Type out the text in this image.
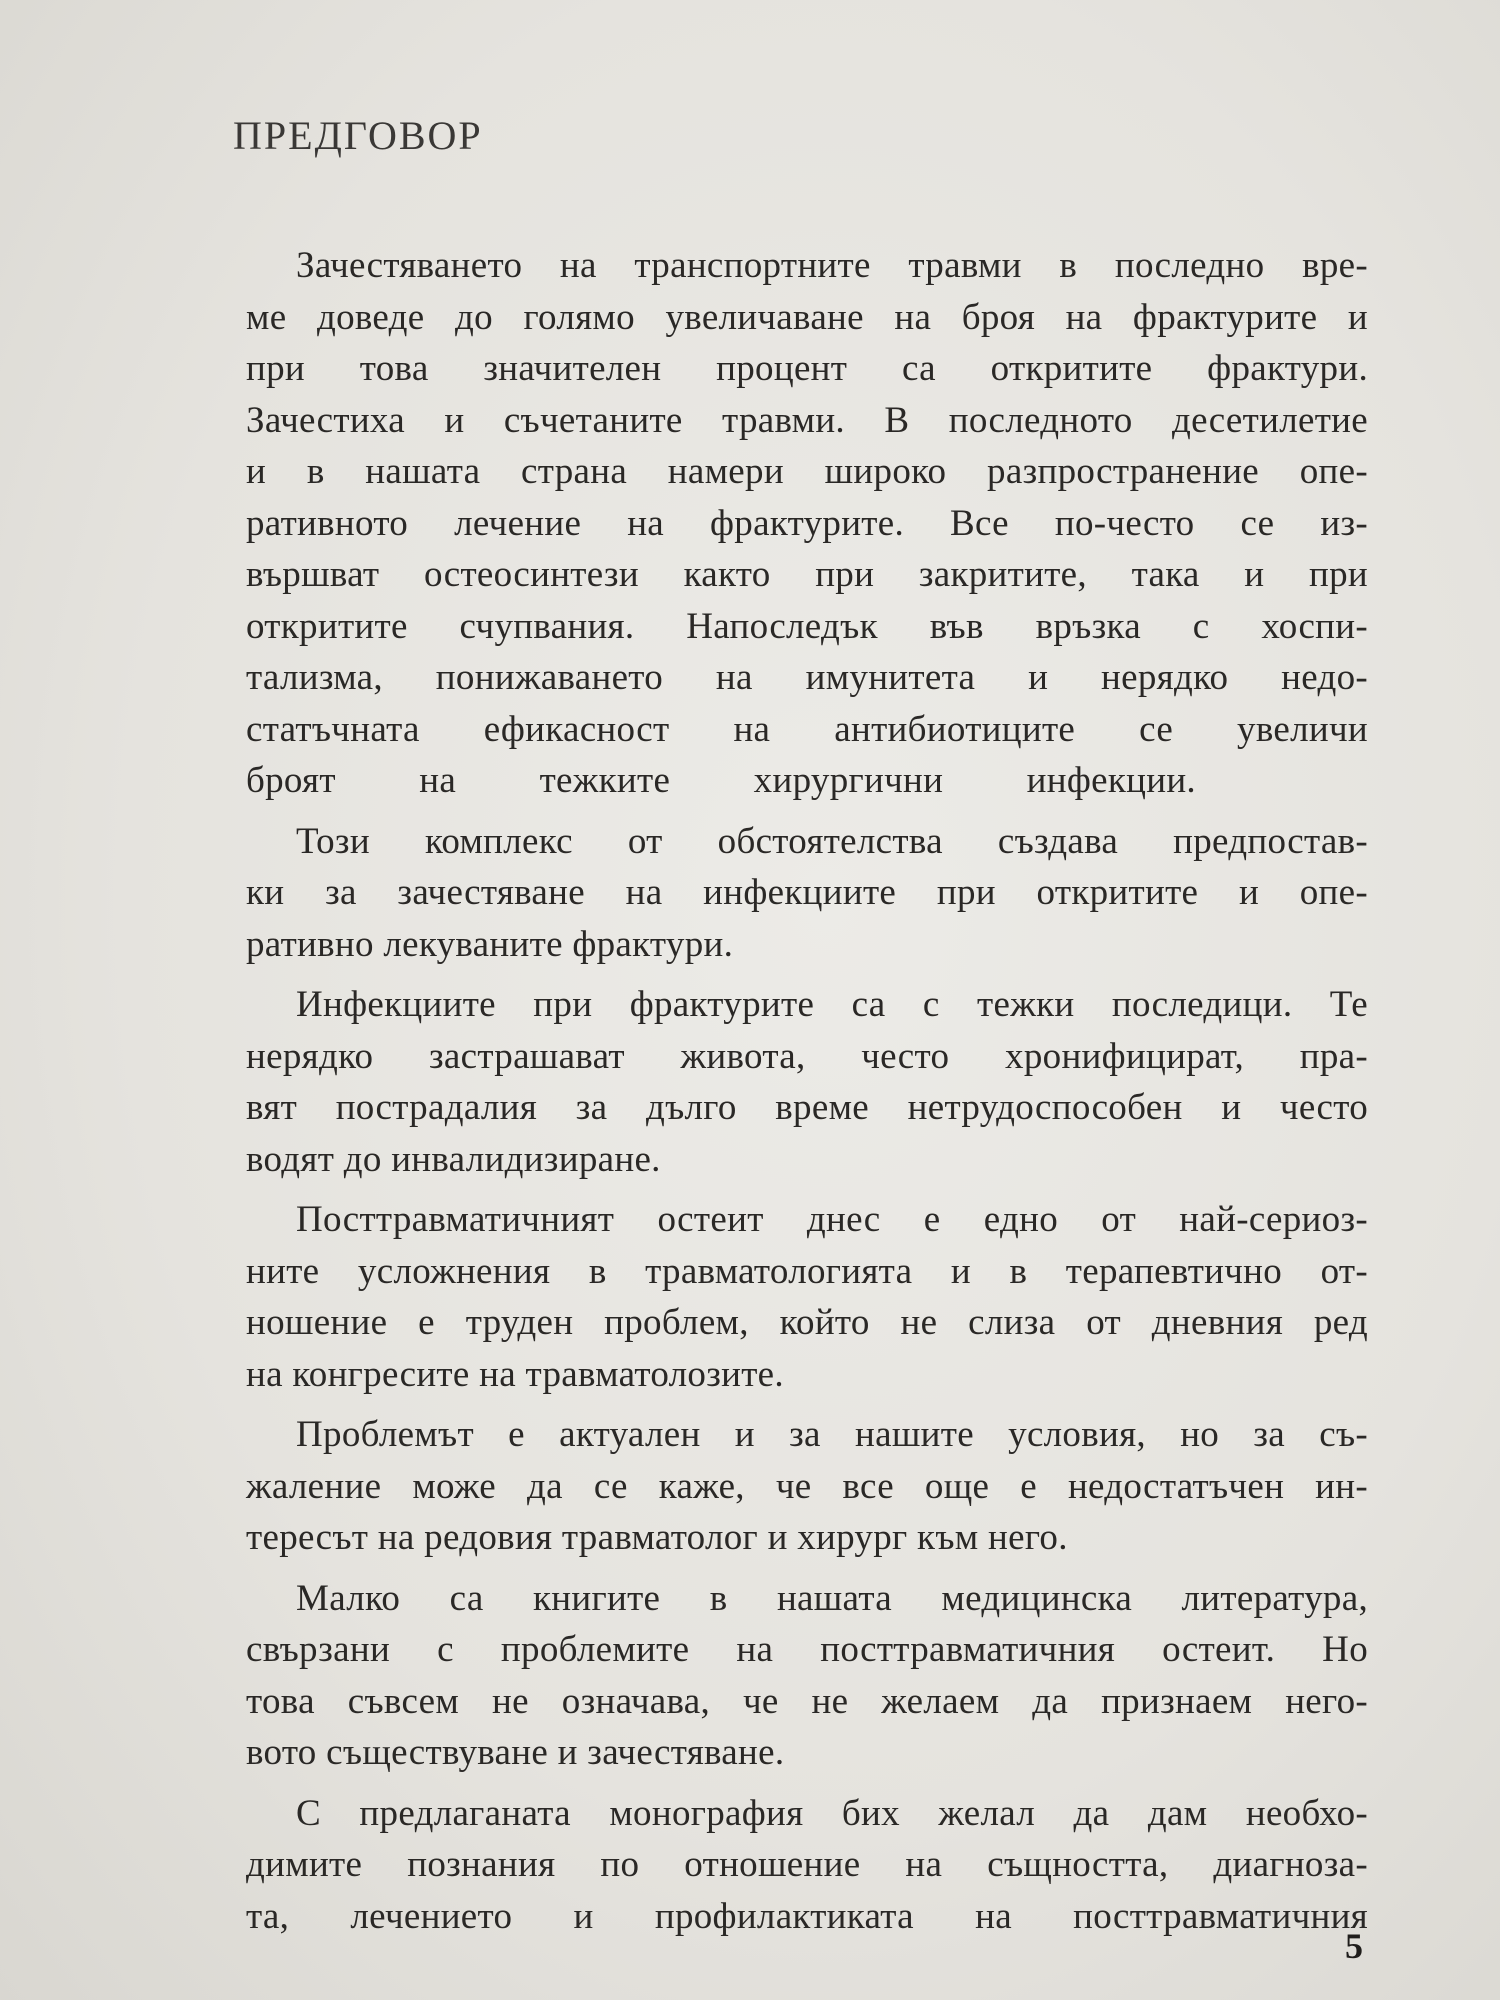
ПРЕДГОВОР
Зачестяването на транспортните травми в последно вре-
ме доведе до голямо увеличаване на броя на фрактурите и
при това значителен процент са откритите фрактури.
Зачестиха и съчетаните травми. В последното десетилетие
и в нашата страна намери широко разпространение опе-
ративното лечение на фрактурите. Все по-често се из-
вършват остеосинтези както при закритите, така и при
откритите счупвания. Напоследък във връзка с хоспи-
тализма, понижаването на имунитета и нерядко недо-
статъчната ефикасност на антибиотиците се увеличи
броят на тежките хирургични инфекции.
Този комплекс от обстоятелства създава предпостав-
ки за зачестяване на инфекциите при откритите и опе-
ративно лекуваните фрактури.
Инфекциите при фрактурите са с тежки последици. Те
нерядко застрашават живота, често хронифицират, пра-
вят пострадалия за дълго време нетрудоспособен и често
водят до инвалидизиране.
Посттравматичният остеит днес е едно от най-сериоз-
ните усложнения в травматологията и в терапевтично от-
ношение е труден проблем, който не слиза от дневния ред
на конгресите на травматолозите.
Проблемът е актуален и за нашите условия, но за съ-
жаление може да се каже, че все още е недостатъчен ин-
тересът на редовия травматолог и хирург към него.
Малко са книгите в нашата медицинска литература,
свързани с проблемите на посттравматичния остеит. Но
това съвсем не означава, че не желаем да признаем него-
вото съществуване и зачестяване.
С предлаганата монография бих желал да дам необхо-
димите познания по отношение на същността, диагноза-
та, лечението и профилактиката на посттравматичния
5
